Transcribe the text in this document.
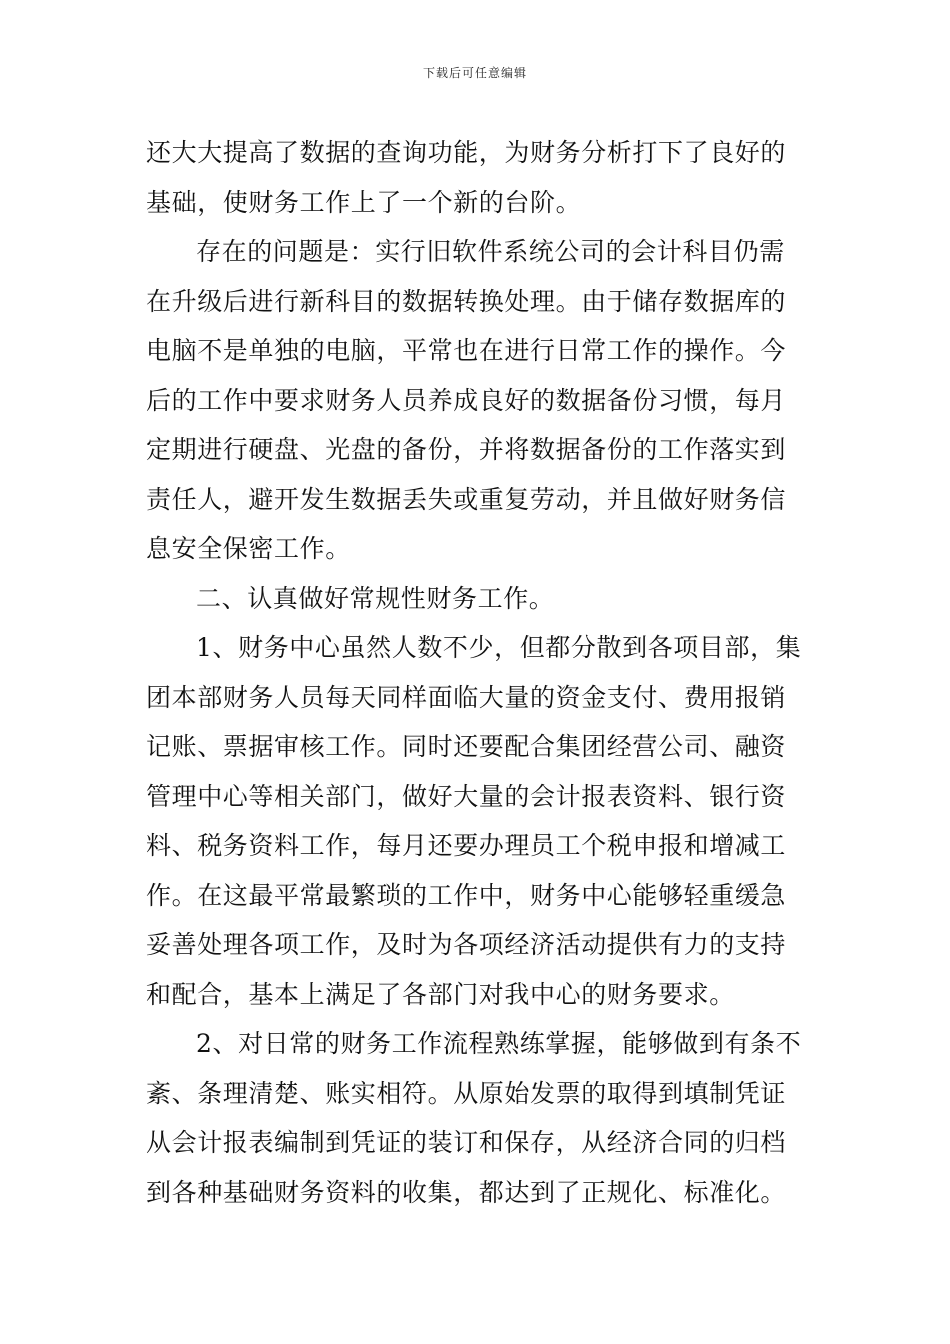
下载后可任意编辑
还大大提高了数据的查询功能，为财务分析打下了良好的
基础，使财务工作上了一个新的台阶。
存在的问题是：实行旧软件系统公司的会计科目仍需
在升级后进行新科目的数据转换处理。由于储存数据库的
电脑不是单独的电脑，平常也在进行日常工作的操作。今
后的工作中要求财务人员养成良好的数据备份习惯，每月
定期进行硬盘、光盘的备份，并将数据备份的工作落实到
责任人，避开发生数据丢失或重复劳动，并且做好财务信
息安全保密工作。
二、认真做好常规性财务工作。
1、财务中心虽然人数不少，但都分散到各项目部，集
团本部财务人员每天同样面临大量的资金支付、费用报销
记账、票据审核工作。同时还要配合集团经营公司、融资
管理中心等相关部门，做好大量的会计报表资料、银行资
料、税务资料工作，每月还要办理员工个税申报和增减工
作。在这最平常最繁琐的工作中，财务中心能够轻重缓急
妥善处理各项工作，及时为各项经济活动提供有力的支持
和配合，基本上满足了各部门对我中心的财务要求。
2、对日常的财务工作流程熟练掌握，能够做到有条不
紊、条理清楚、账实相符。从原始发票的取得到填制凭证
从会计报表编制到凭证的装订和保存，从经济合同的归档
到各种基础财务资料的收集，都达到了正规化、标准化。
